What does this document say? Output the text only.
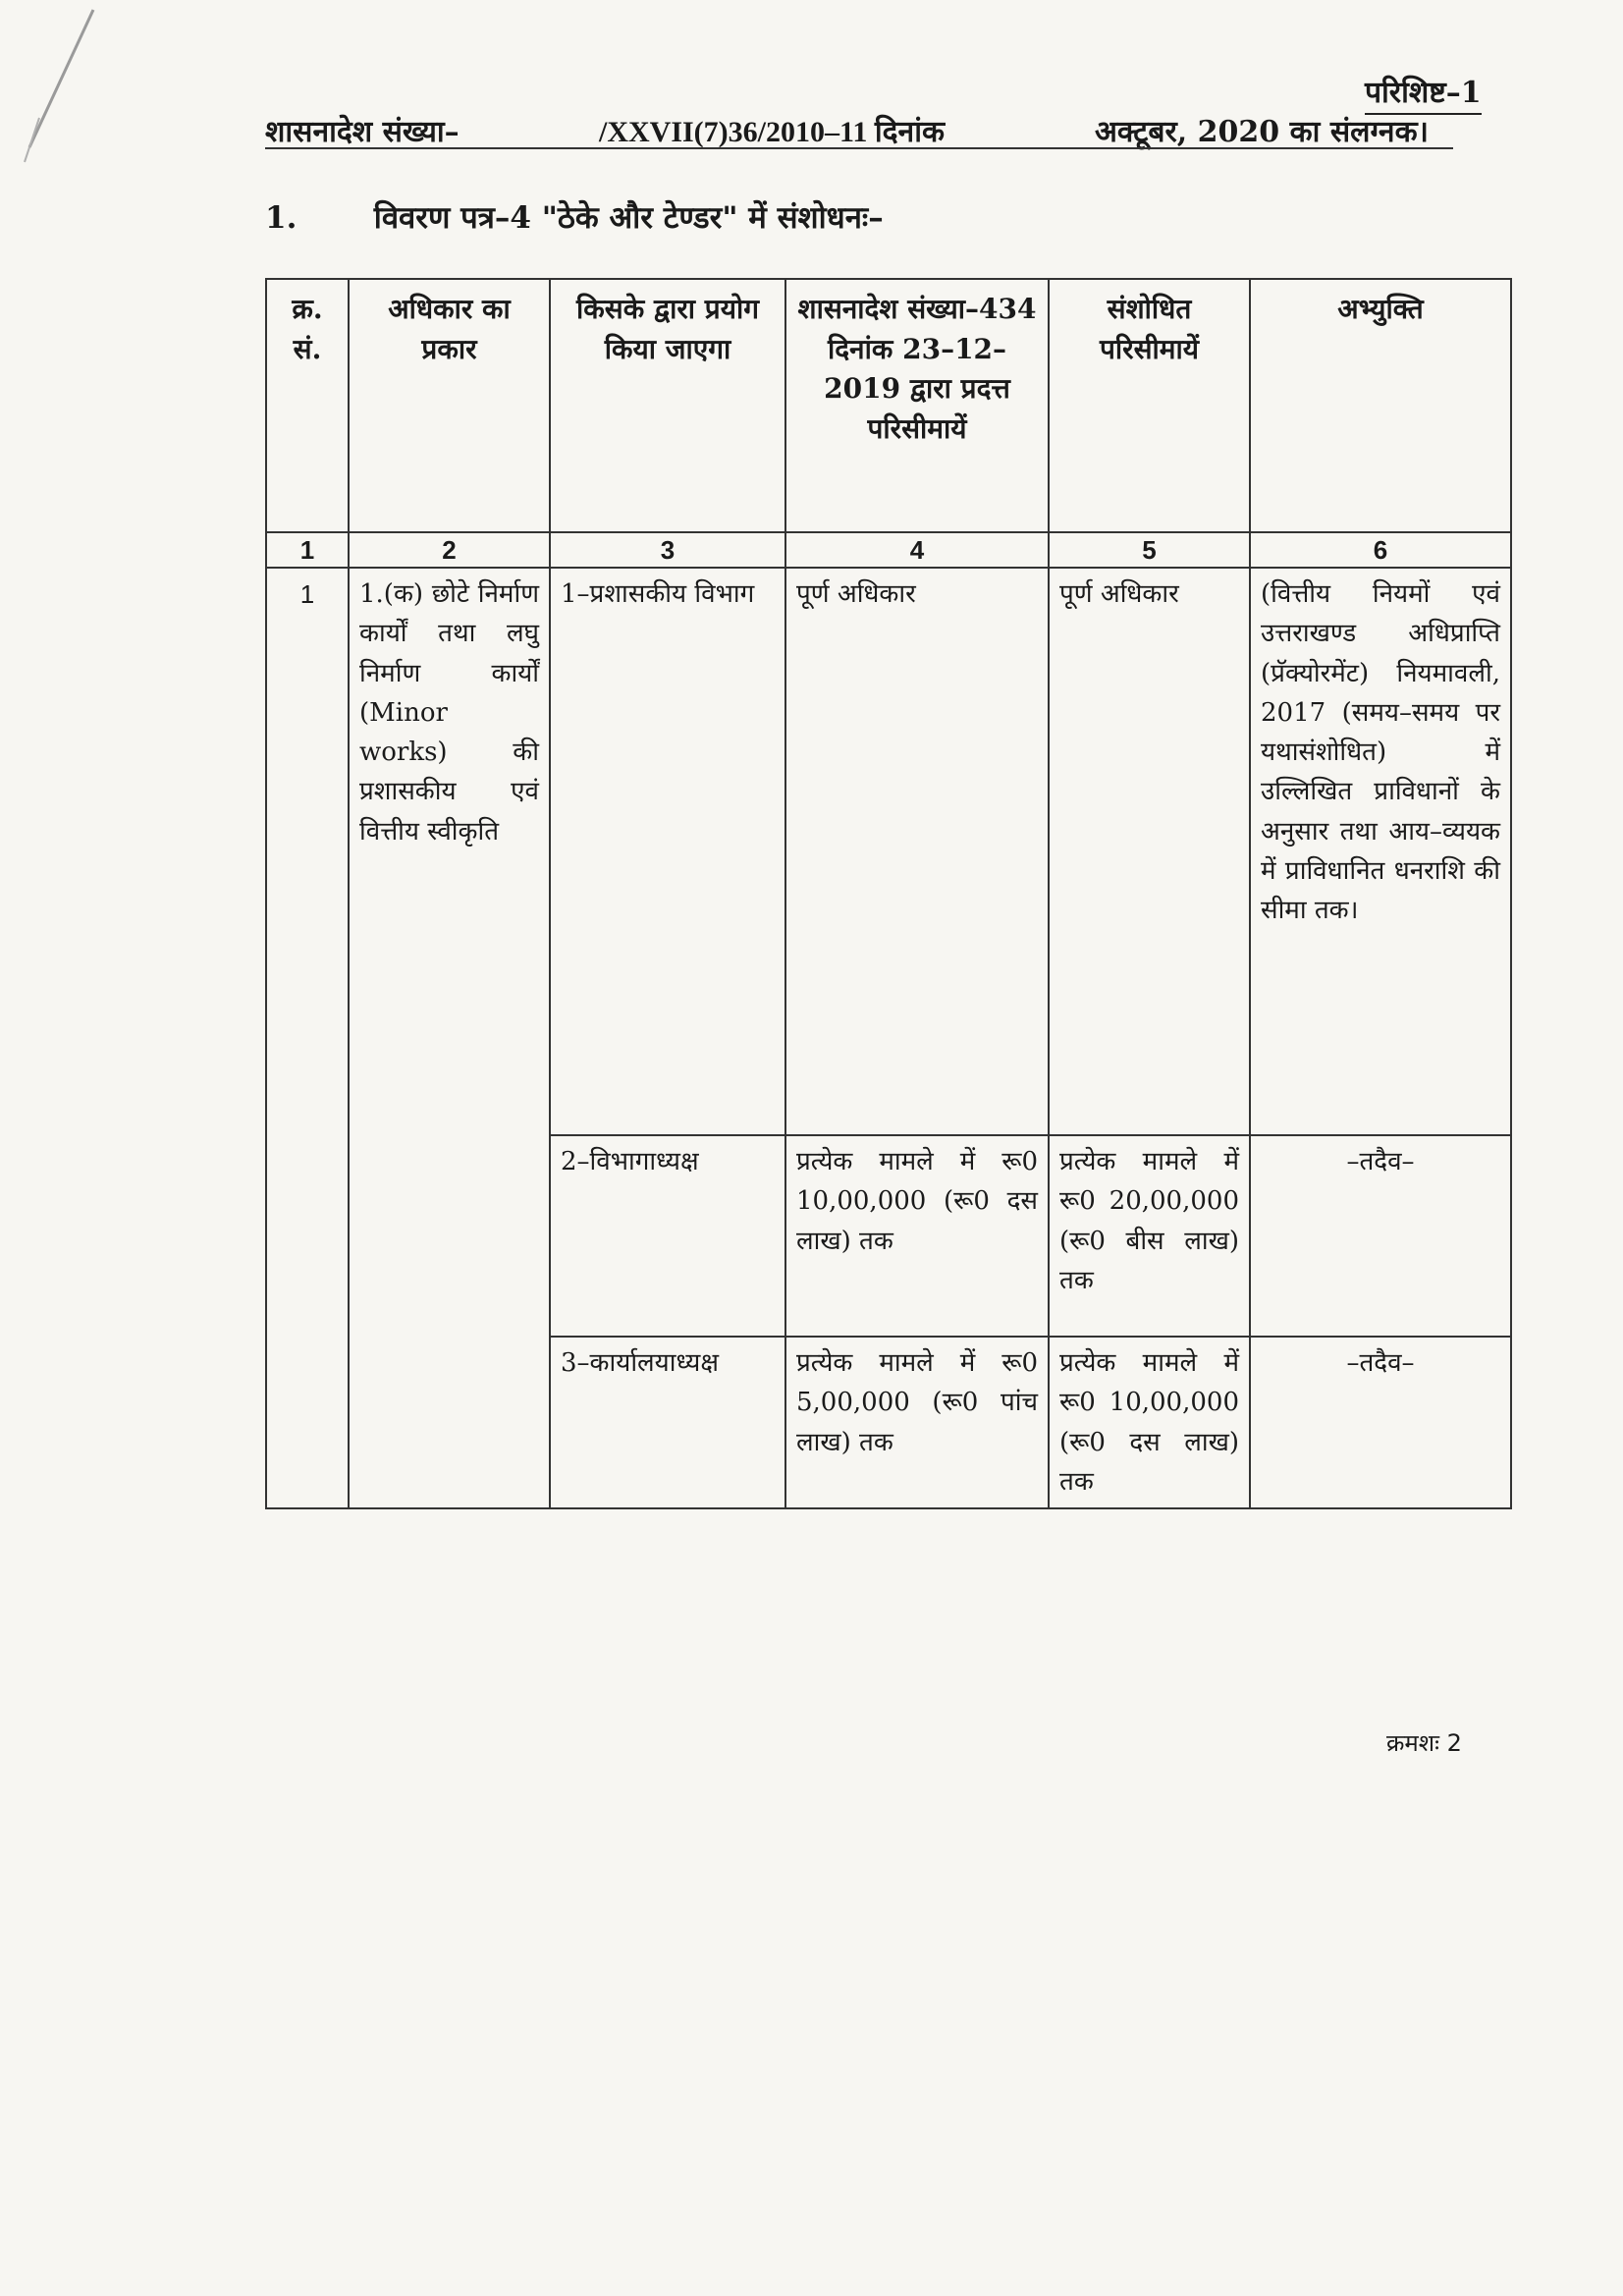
परिशिष्ट–1
शासनादेश संख्या–	/XXVII(7)36/2010–11 दिनांक	अक्टूबर, 2020 का संलग्नक।
1.	विवरण पत्र–4 "ठेके और टेण्डर" में संशोधनः–
क्र. सं.	अधिकार का प्रकार	किसके द्वारा प्रयोग किया जाएगा	शासनादेश संख्या–434 दिनांक 23–12–2019 द्वारा प्रदत्त परिसीमायें	संशोधित परिसीमायें	अभ्युक्ति
1	2	3	4	5	6
1	1.(क) छोटे निर्माण कार्यों तथा लघु निर्माण कार्यों (Minor works) की प्रशासकीय एवं वित्तीय स्वीकृति	1–प्रशासकीय विभाग	पूर्ण अधिकार	पूर्ण अधिकार	(वित्तीय नियमों एवं उत्तराखण्ड अधिप्राप्ति (प्रॅक्योरमेंट) नियमावली, 2017 (समय–समय पर यथासंशोधित) में उल्लिखित प्राविधानों के अनुसार तथा आय–व्ययक में प्राविधानित धनराशि की सीमा तक।
		2–विभागाध्यक्ष	प्रत्येक मामले में रू0 10,00,000 (रू0 दस लाख) तक	प्रत्येक मामले में रू0 20,00,000 (रू0 बीस लाख) तक	–तदैव–
		3–कार्यालयाध्यक्ष	प्रत्येक मामले में रू0 5,00,000 (रू0 पांच लाख) तक	प्रत्येक मामले में रू0 10,00,000 (रू0 दस लाख) तक	–तदैव–
क्रमशः 2
